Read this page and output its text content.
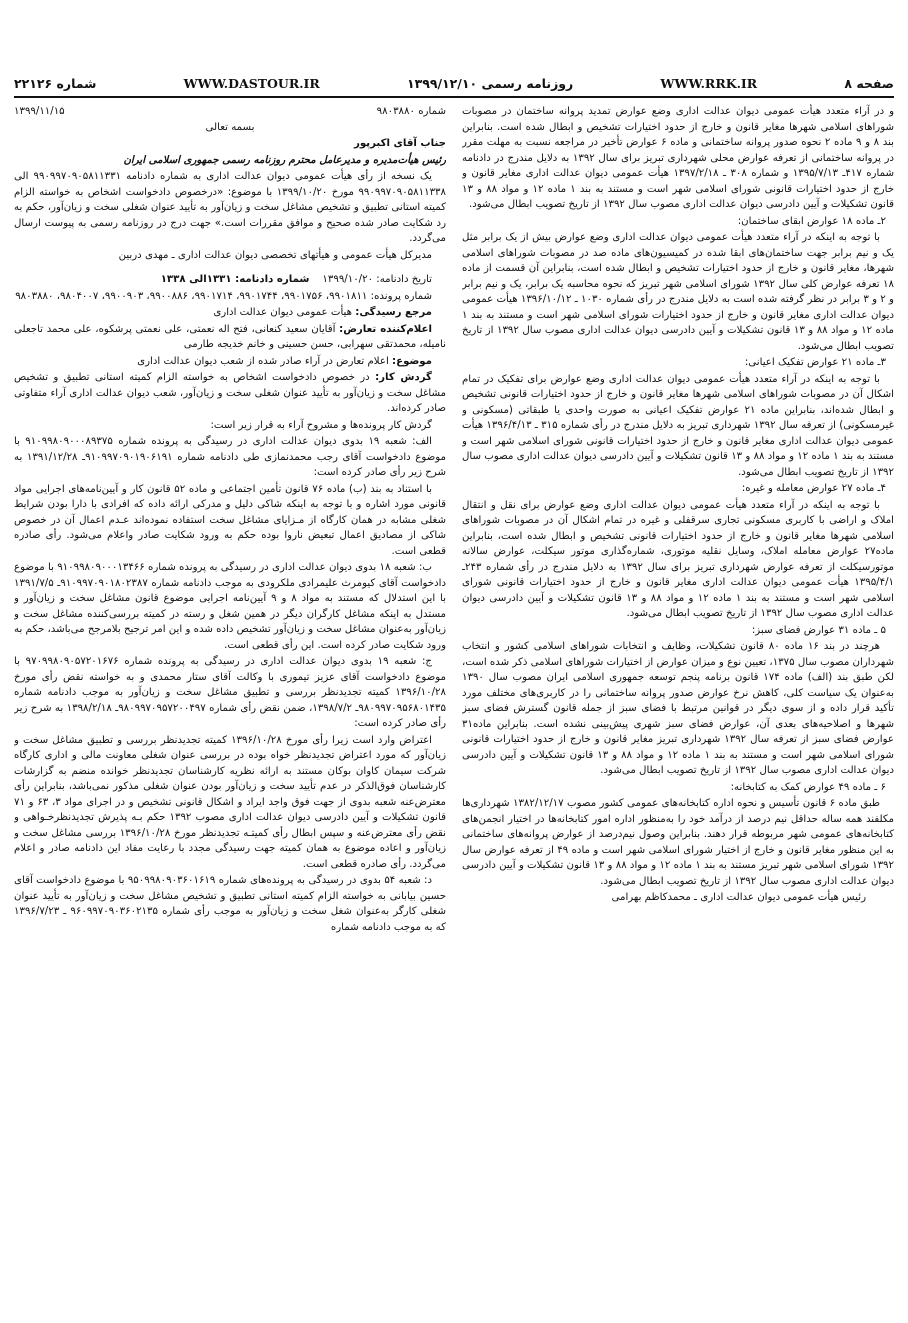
صفحه ۸
WWW.RRK.IR
روزنامه رسمی ۱۳۹۹/۱۲/۱۰
WWW.DASTOUR.IR
شماره ۲۲۱۲۶

و در آراء متعدد هیأت عمومی دیوان عدالت اداری وضع عوارض تمدید پروانه ساختمان در مصوبات شوراهای اسلامی شهرها مغایر قانون و خارج از حدود اختیارات تشخیص و ابطال شده است. بنابراین بند ۸ و ۹ ماده ۲ نحوه صدور پروانه ساختمانی و ماده ۶ عوارض تأخیر در مراجعه نسبت به مهلت مقرر در پروانه ساختمانی از تعرفه عوارض محلی شهرداری تبریز برای سال ۱۳۹۲ به دلایل مندرج در دادنامه شماره ۴۱۷ـ ۱۳۹۵/۷/۱۳ و شماره ۳۰۸ ـ ۱۳۹۷/۲/۱۸ هیأت عمومی دیوان عدالت اداری مغایر قانون و خارج از حدود اختیارات قانونی شورای اسلامی شهر است و مستند به بند ۱ ماده ۱۲ و مواد ۸۸ و ۱۳ قانون تشکیلات و آیین دادرسی دیوان عدالت اداری مصوب سال ۱۳۹۲ از تاریخ تصویب ابطال می‌شود.

۲ـ ماده ۱۸ عوارض ابقای ساختمان:

با توجه به اینکه در آراء متعدد هیأت عمومی دیوان عدالت اداری وضع عوارض بیش از یک برابر مثل یک و نیم برابر جهت ساختمان‌های ابقا شده در کمیسیون‌های ماده صد در مصوبات شوراهای اسلامی شهرها، مغایر قانون و خارج از حدود اختیارات تشخیص و ابطال شده است، بنابراین آن قسمت از ماده ۱۸ تعرفه عوارض کلی سال ۱۳۹۲ شورای اسلامی شهر تبریز که نحوه محاسبه یک برابر، یک و نیم برابر و ۲ و ۳ برابر در نظر گرفته شده است به دلایل مندرج در رأی شماره ۱۰۳۰ ـ ۱۳۹۶/۱۰/۱۲ هیأت عمومی دیوان عدالت اداری مغایر قانون و خارج از حدود اختیارات شورای اسلامی شهر است و مستند به بند ۱ ماده ۱۲ و مواد ۸۸ و ۱۳ قانون تشکیلات و آیین دادرسی دیوان عدالت اداری مصوب سال ۱۳۹۲ از تاریخ تصویب ابطال می‌شود.

۳ـ ماده ۲۱ عوارض تفکیک اعیانی:

با توجه به اینکه در آراء متعدد هیأت عمومی دیوان عدالت اداری وضع عوارض برای تفکیک در تمام اشکال آن در مصوبات شوراهای اسلامی شهرها مغایر قانون و خارج از حدود اختیارات قانونی تشخیص و ابطال شده‌اند، بنابراین ماده ۲۱ عوارض تفکیک اعیانی به صورت واحدی یا طبقاتی (مسکونی و غیرمسکونی) از تعرفه سال ۱۳۹۲ شهرداری تبریز به دلایل مندرج در رأی شماره ۳۱۵ ـ ۱۳۹۶/۴/۱۳ هیأت عمومی دیوان عدالت اداری مغایر قانون و خارج از حدود اختیارات قانونی شورای اسلامی شهر است و مستند به بند ۱ ماده ۱۲ و مواد ۸۸ و ۱۳ قانون تشکیلات و آیین دادرسی دیوان عدالت اداری مصوب سال ۱۳۹۲ از تاریخ تصویب ابطال می‌شود.

۴ـ ماده ۲۷ عوارض معامله و غیره:

با توجه به اینکه در آراء متعدد هیأت عمومی دیوان عدالت اداری وضع عوارض برای نقل و انتقال املاک و اراضی با کاربری مسکونی تجاری سرقفلی و غیره در تمام اشکال آن در مصوبات شوراهای اسلامی شهرها مغایر قانون و خارج از حدود اختیارات قانونی تشخیص و ابطال شده است، بنابراین ماده۲۷ عوارض معامله املاک، وسایل نقلیه موتوری، شماره‌گذاری موتور سیکلت، عوارض سالانه موتورسیکلت از تعرفه عوارض شهرداری تبریز برای سال ۱۳۹۲ به دلایل مندرج در رأی شماره ۲۴۳ـ ۱۳۹۵/۴/۱ هیأت عمومی دیوان عدالت اداری مغایر قانون و خارج از حدود اختیارات قانونی شورای اسلامی شهر است و مستند به بند ۱ ماده ۱۲ و مواد ۸۸ و ۱۳ قانون تشکیلات و آیین دادرسی دیوان عدالت اداری مصوب سال ۱۳۹۲ از تاریخ تصویب ابطال می‌شود.

۵ ـ ماده ۳۱ عوارض فضای سبز:

هرچند در بند ۱۶ ماده ۸۰ قانون تشکیلات، وظایف و انتخابات شوراهای اسلامی کشور و انتخاب شهرداران مصوب سال ۱۳۷۵، تعیین نوع و میزان عوارض از اختیارات شوراهای اسلامی ذکر شده است، لکن طبق بند (الف) ماده ۱۷۴ قانون برنامه پنجم توسعه جمهوری اسلامی ایران مصوب سال ۱۳۹۰ به‌عنوان یک سیاست کلی، کاهش نرخ عوارض صدور پروانه ساختمانی را در کاربری‌های مختلف مورد تأکید قرار داده و از سوی دیگر در قوانین مرتبط با فضای سبز از جمله قانون گسترش فضای سبز شهرها و اصلاحیه‌های بعدی آن، عوارض فضای سبز شهری پیش‌بینی نشده است. بنابراین ماده۳۱ عوارض فضای سبز از تعرفه سال ۱۳۹۲ شهرداری تبریز مغایر قانون و خارج از حدود اختیارات قانونی شورای اسلامی شهر است و مستند به بند ۱ ماده ۱۲ و مواد ۸۸ و ۱۳ قانون تشکیلات و آیین دادرسی دیوان عدالت اداری مصوب سال ۱۳۹۲ از تاریخ تصویب ابطال می‌شود.

۶ ـ ماده ۴۹ عوارض کمک به کتابخانه:

طبق ماده ۶ قانون تأسیس و نحوه اداره کتابخانه‌های عمومی کشور مصوب ۱۳۸۲/۱۲/۱۷ شهرداری‌ها مکلفند همه ساله حداقل نیم درصد از درآمد خود را به‌منظور اداره امور کتابخانه‌ها در اختیار انجمن‌های کتابخانه‌های عمومی شهر مربوطه قرار دهند. بنابراین وصول نیم‌درصد از عوارض پروانه‌های ساختمانی به این منظور مغایر قانون و خارج از اختیار شورای اسلامی شهر است و ماده ۴۹ از تعرفه عوارض سال ۱۳۹۲ شورای اسلامی شهر تبریز مستند به بند ۱ ماده ۱۲ و مواد ۸۸ و ۱۳ قانون تشکیلات و آیین دادرسی دیوان عدالت اداری مصوب سال ۱۳۹۲ از تاریخ تصویب ابطال می‌شود.

رئیس هیأت عمومی دیوان عدالت اداری ـ محمدکاظم بهرامی

شماره ۹۸۰۳۸۸۰
۱۳۹۹/۱۱/۱۵

بسمه تعالی

جناب آقای اکبرپور

رئیس هیأت‌مدیره و مدیرعامل محترم روزنامه رسمی جمهوری اسلامی ایران

یک نسخه از رأی هیأت عمومی دیوان عدالت اداری به شماره دادنامه ۹۹۰۹۹۷۰۹۰۵۸۱۱۳۳۱ الی ۹۹۰۹۹۷۰۹۰۵۸۱۱۳۳۸ مورخ ۱۳۹۹/۱۰/۲۰ با موضوع: «درخصوص دادخواست اشخاص به خواسته الزام کمیته استانی تطبیق و تشخیص مشاغل سخت و زیان‌آور به تأیید عنوان شغلی سخت و زیان‌آور، حکم به رد شکایت صادر شده صحیح و موافق مقررات است.» جهت درج در روزنامه رسمی به پیوست ارسال می‌گردد.

مدیرکل هیأت عمومی و هیأتهای تخصصی دیوان عدالت اداری ـ مهدی دربین

تاریخ دادنامه: ۱۳۹۹/۱۰/۲۰    شماره دادنامه: ۱۳۳۱الی ۱۳۳۸

شماره پرونده: ۹۹۰۱۸۱۱، ۹۹۰۱۷۵۶، ۹۹۰۱۷۴۴، ۹۹۰۱۷۱۴، ۹۹۰۰۸۸۶، ۹۹۰۰۹۰۳، ۹۸۰۴۰۰۷، ۹۸۰۳۸۸۰

مرجع رسیدگی: هیأت عمومی دیوان عدالت اداری

اعلام‌کننده تعارض: آقایان سعید کنعانی، فتح اله نعمتی، علی نعمتی پرشکوه، علی محمد تاجعلی نامیله، محمدتقی سهرابی، حسن حسینی و خانم خدیجه طارمی

موضوع: اعلام تعارض در آراء صادر شده از شعب دیوان عدالت اداری

گردش کار: در خصوص دادخواست اشخاص به خواسته الزام کمیته استانی تطبیق و تشخیص مشاغل سخت و زیان‌آور به تأیید عنوان شغلی سخت و زیان‌آور، شعب دیوان عدالت اداری آراء متفاوتی صادر کرده‌اند.

گردش کار پرونده‌ها و مشروح آراء به قرار زیر است:

الف: شعبه ۱۹ بدوی دیوان عدالت اداری در رسیدگی به پرونده شماره ۹۱۰۹۹۸۰۹۰۰۰۸۹۳۷۵ با موضوع دادخواست آقای رجب محمدنمازی طی دادنامه شماره ۹۱۰۹۹۷۰۹۰۱۹۰۶۱۹۱ـ ۱۳۹۱/۱۲/۲۸ به شرح زیر رأی صادر کرده است:

با استناد به بند (ب) ماده ۷۶ قانون تأمین اجتماعی و ماده ۵۲ قانون کار و آیین‌نامه‌های اجرایی مواد قانونی مورد اشاره و با توجه به اینکه شاکی دلیل و مدرکی ارائه داده که افرادی با دارا بودن شرایط شغلی مشابه در همان کارگاه از مـزایای مشاغل سخت استفاده نموده‌اند عـدم اعمال آن در خصوص شاکی از مصادیق اعمال تبعیض ناروا بوده حکم به ورود شکایت صادر واعلام می‌شود. رأی صادره قطعی است.

ب: شعبه ۱۸ بدوی دیوان عدالت اداری در رسیدگی به پرونده شماره ۹۱۰۹۹۸۰۹۰۰۰۱۳۴۶۶ با موضوع دادخواست آقای کیومرث علیمرادی ملکرودی به موجب دادنامه شماره ۹۱۰۹۹۷۰۹۰۱۸۰۲۳۸۷ـ ۱۳۹۱/۷/۵ با این استدلال که مستند به مواد ۸ و ۹ آیین‌نامه اجرایی موضوع قانون مشاغل سخت و زیان‌آور و مستدل به اینکه مشاغل کارگران دیگر در همین شغل و رسته در کمیته بررسی‌کننده مشاغل سخت و زیان‌آور به‌عنوان مشاغل سخت و زیان‌آور تشخیص داده شده و این امر ترجیح بلامرجح می‌باشد، حکم به ورود شکایت صادر کرده است. این رأی قطعی است.

ج: شعبه ۱۹ بدوی دیوان عدالت اداری در رسیدگی به پرونده شماره ۹۷۰۹۹۸۰۹۰۵۷۲۰۱۶۷۶ با موضوع دادخواست آقای عزیز تیموری با وکالت آقای ستار محمدی و به خواسته نقض رأی مورخ ۱۳۹۶/۱۰/۲۸ کمیته تجدیدنظر بررسی و تطبیق مشاغل سخت و زیان‌آور به موجب دادنامه شماره ۹۸۰۹۹۷۰۹۵۶۸۰۱۴۳۵ـ ۱۳۹۸/۷/۲، ضمن نقض رأی شماره ۹۸۰۹۹۷۰۹۵۷۲۰۰۴۹۷ـ ۱۳۹۸/۲/۱۸ به شرح زیر رأی صادر کرده است:

اعتراض وارد است زیرا رأی مورخ ۱۳۹۶/۱۰/۲۸ کمیته تجدیدنظر بررسی و تطبیق مشاغل سخت و زیان‌آور که مورد اعتراض تجدیدنظر خواه بوده در بررسی عنوان شغلی معاونت مالی و اداری کارگاه شرکت سیمان کاوان بوکان مستند به ارائه نظریه کارشناسان تجدیدنظر خوانده منضم به گزارشات کارشناسان فوق‌الذکر در عدم تأیید سخت و زیان‌آور بودن عنوان شغلی مذکور نمی‌باشد، بنابراین رأی معترض‌عنه شعبه بدوی از جهت فوق واجد ایراد و اشکال قانونی تشخیص و در اجرای مواد ۳، ۶۳ و ۷۱ قانون تشکیلات و آیین دادرسی دیوان عدالت اداری مصوب ۱۳۹۲ حکم بـه پذیرش تجدیدنظرخـواهی و نقض رأی معترض‌عنه و سپس ابطال رأی کمیتـه تجدیدنظر مورخ ۱۳۹۶/۱۰/۲۸ بررسی مشاغل سخت و زیان‌آور و اعاده موضوع به همان کمیته جهت رسیدگی مجدد با رعایت مفاد این دادنامه صادر و اعلام می‌گردد. رأی صادره قطعی است.

د: شعبه ۵۴ بدوی در رسیدگی به پرونده‌های شماره ۹۵۰۹۹۸۰۹۰۳۶۰۱۶۱۹ با موضوع دادخواست آقای حسین بیابانی به خواسته الزام کمیته استانی تطبیق و تشخیص مشاغل سخت و زیان‌آور به تأیید عنوان شغلی کارگر به‌عنوان شغل سخت و زیان‌آور به موجب رأی شماره ۹۶۰۹۹۷۰۹۰۳۶۰۲۱۳۵ ـ ۱۳۹۶/۷/۲۳ که به موجب دادنامه شماره
